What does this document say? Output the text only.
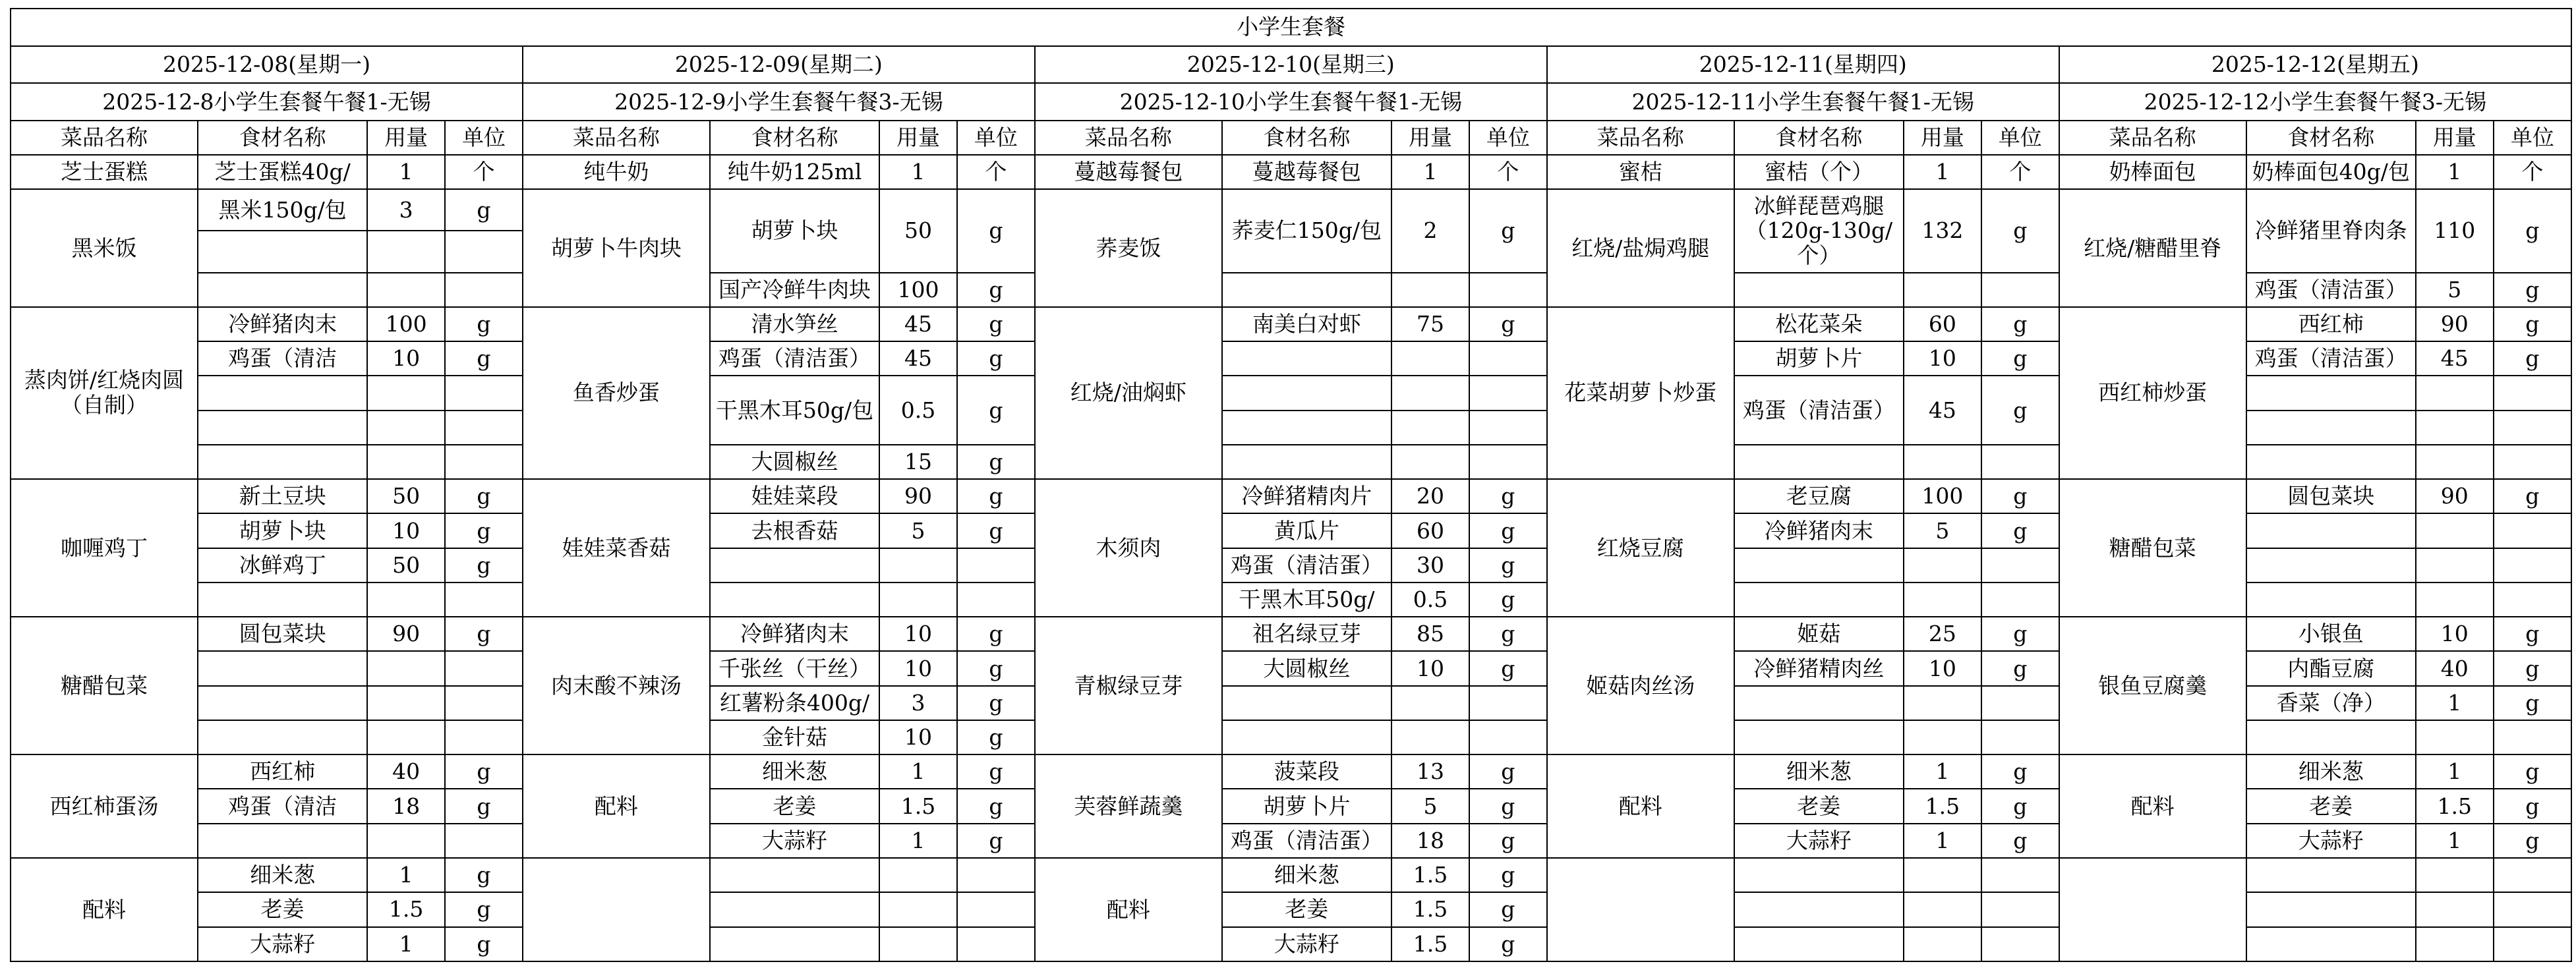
小学生套餐																			
2025-12-08(星期一)				2025-12-09(星期二)				2025-12-10(星期三)				2025-12-11(星期四)				2025-12-12(星期五)			
2025-12-8小学生套餐午餐1-无锡				2025-12-9小学生套餐午餐3-无锡				2025-12-10小学生套餐午餐1-无锡				2025-12-11小学生套餐午餐1-无锡				2025-12-12小学生套餐午餐3-无锡			
菜品名称	食材名称	用量	单位	菜品名称	食材名称	用量	单位	菜品名称	食材名称	用量	单位	菜品名称	食材名称	用量	单位	菜品名称	食材名称	用量	单位
芝士蛋糕	芝士蛋糕40g/	1	个	纯牛奶	纯牛奶125ml	1	个	蔓越莓餐包	蔓越莓餐包	1	个	蜜桔	蜜桔（个）	1	个	奶棒面包	奶棒面包40g/包	1	个
黑米饭	黑米150g/包	3	g	胡萝卜牛肉块	胡萝卜块	50	g	荞麦饭	荞麦仁150g/包	2	g	红烧/盐焗鸡腿	冰鲜琵琶鸡腿（120g-130g/个）	132	g	红烧/糖醋里脊	冷鲜猪里脊肉条	110	g

					国产冷鲜牛肉块	100	g										鸡蛋（清洁蛋）	5	g
蒸肉饼/红烧肉圆（自制）	冷鲜猪肉末	100	g	鱼香炒蛋	清水笋丝	45	g	红烧/油焖虾	南美白对虾	75	g	花菜胡萝卜炒蛋	松花菜朵	60	g	西红柿炒蛋	西红柿	90	g
	鸡蛋（清洁	10	g		鸡蛋（清洁蛋）	45	g						胡萝卜片	10	g		鸡蛋（清洁蛋）	45	g
					干黑木耳50g/包	0.5	g						鸡蛋（清洁蛋）	45	g				

					大圆椒丝	15	g												
咖喱鸡丁	新土豆块	50	g	娃娃菜香菇	娃娃菜段	90	g	木须肉	冷鲜猪精肉片	20	g	红烧豆腐	老豆腐	100	g	糖醋包菜	圆包菜块	90	g
	胡萝卜块	10	g		去根香菇	5	g		黄瓜片	60	g		冷鲜猪肉末	5	g				
	冰鲜鸡丁	50	g						鸡蛋（清洁蛋）	30	g								
									干黑木耳50g/	0.5	g								
糖醋包菜	圆包菜块	90	g	肉末酸不辣汤	冷鲜猪肉末	10	g	青椒绿豆芽	祖名绿豆芽	85	g	姬菇肉丝汤	姬菇	25	g	银鱼豆腐羹	小银鱼	10	g
					千张丝（干丝）	10	g		大圆椒丝	10	g		冷鲜猪精肉丝	10	g		内酯豆腐	40	g
					红薯粉条400g/	3	g										香菜（净）	1	g
					金针菇	10	g												
西红柿蛋汤	西红柿	40	g	配料	细米葱	1	g	芙蓉鲜蔬羹	菠菜段	13	g	配料	细米葱	1	g	配料	细米葱	1	g
	鸡蛋（清洁	18	g		老姜	1.5	g		胡萝卜片	5	g		老姜	1.5	g		老姜	1.5	g
					大蒜籽	1	g		鸡蛋（清洁蛋）	18	g		大蒜籽	1	g		大蒜籽	1	g
配料	细米葱	1	g					配料	细米葱	1.5	g								
	老姜	1.5	g						老姜	1.5	g								
	大蒜籽	1	g						大蒜籽	1.5	g								
